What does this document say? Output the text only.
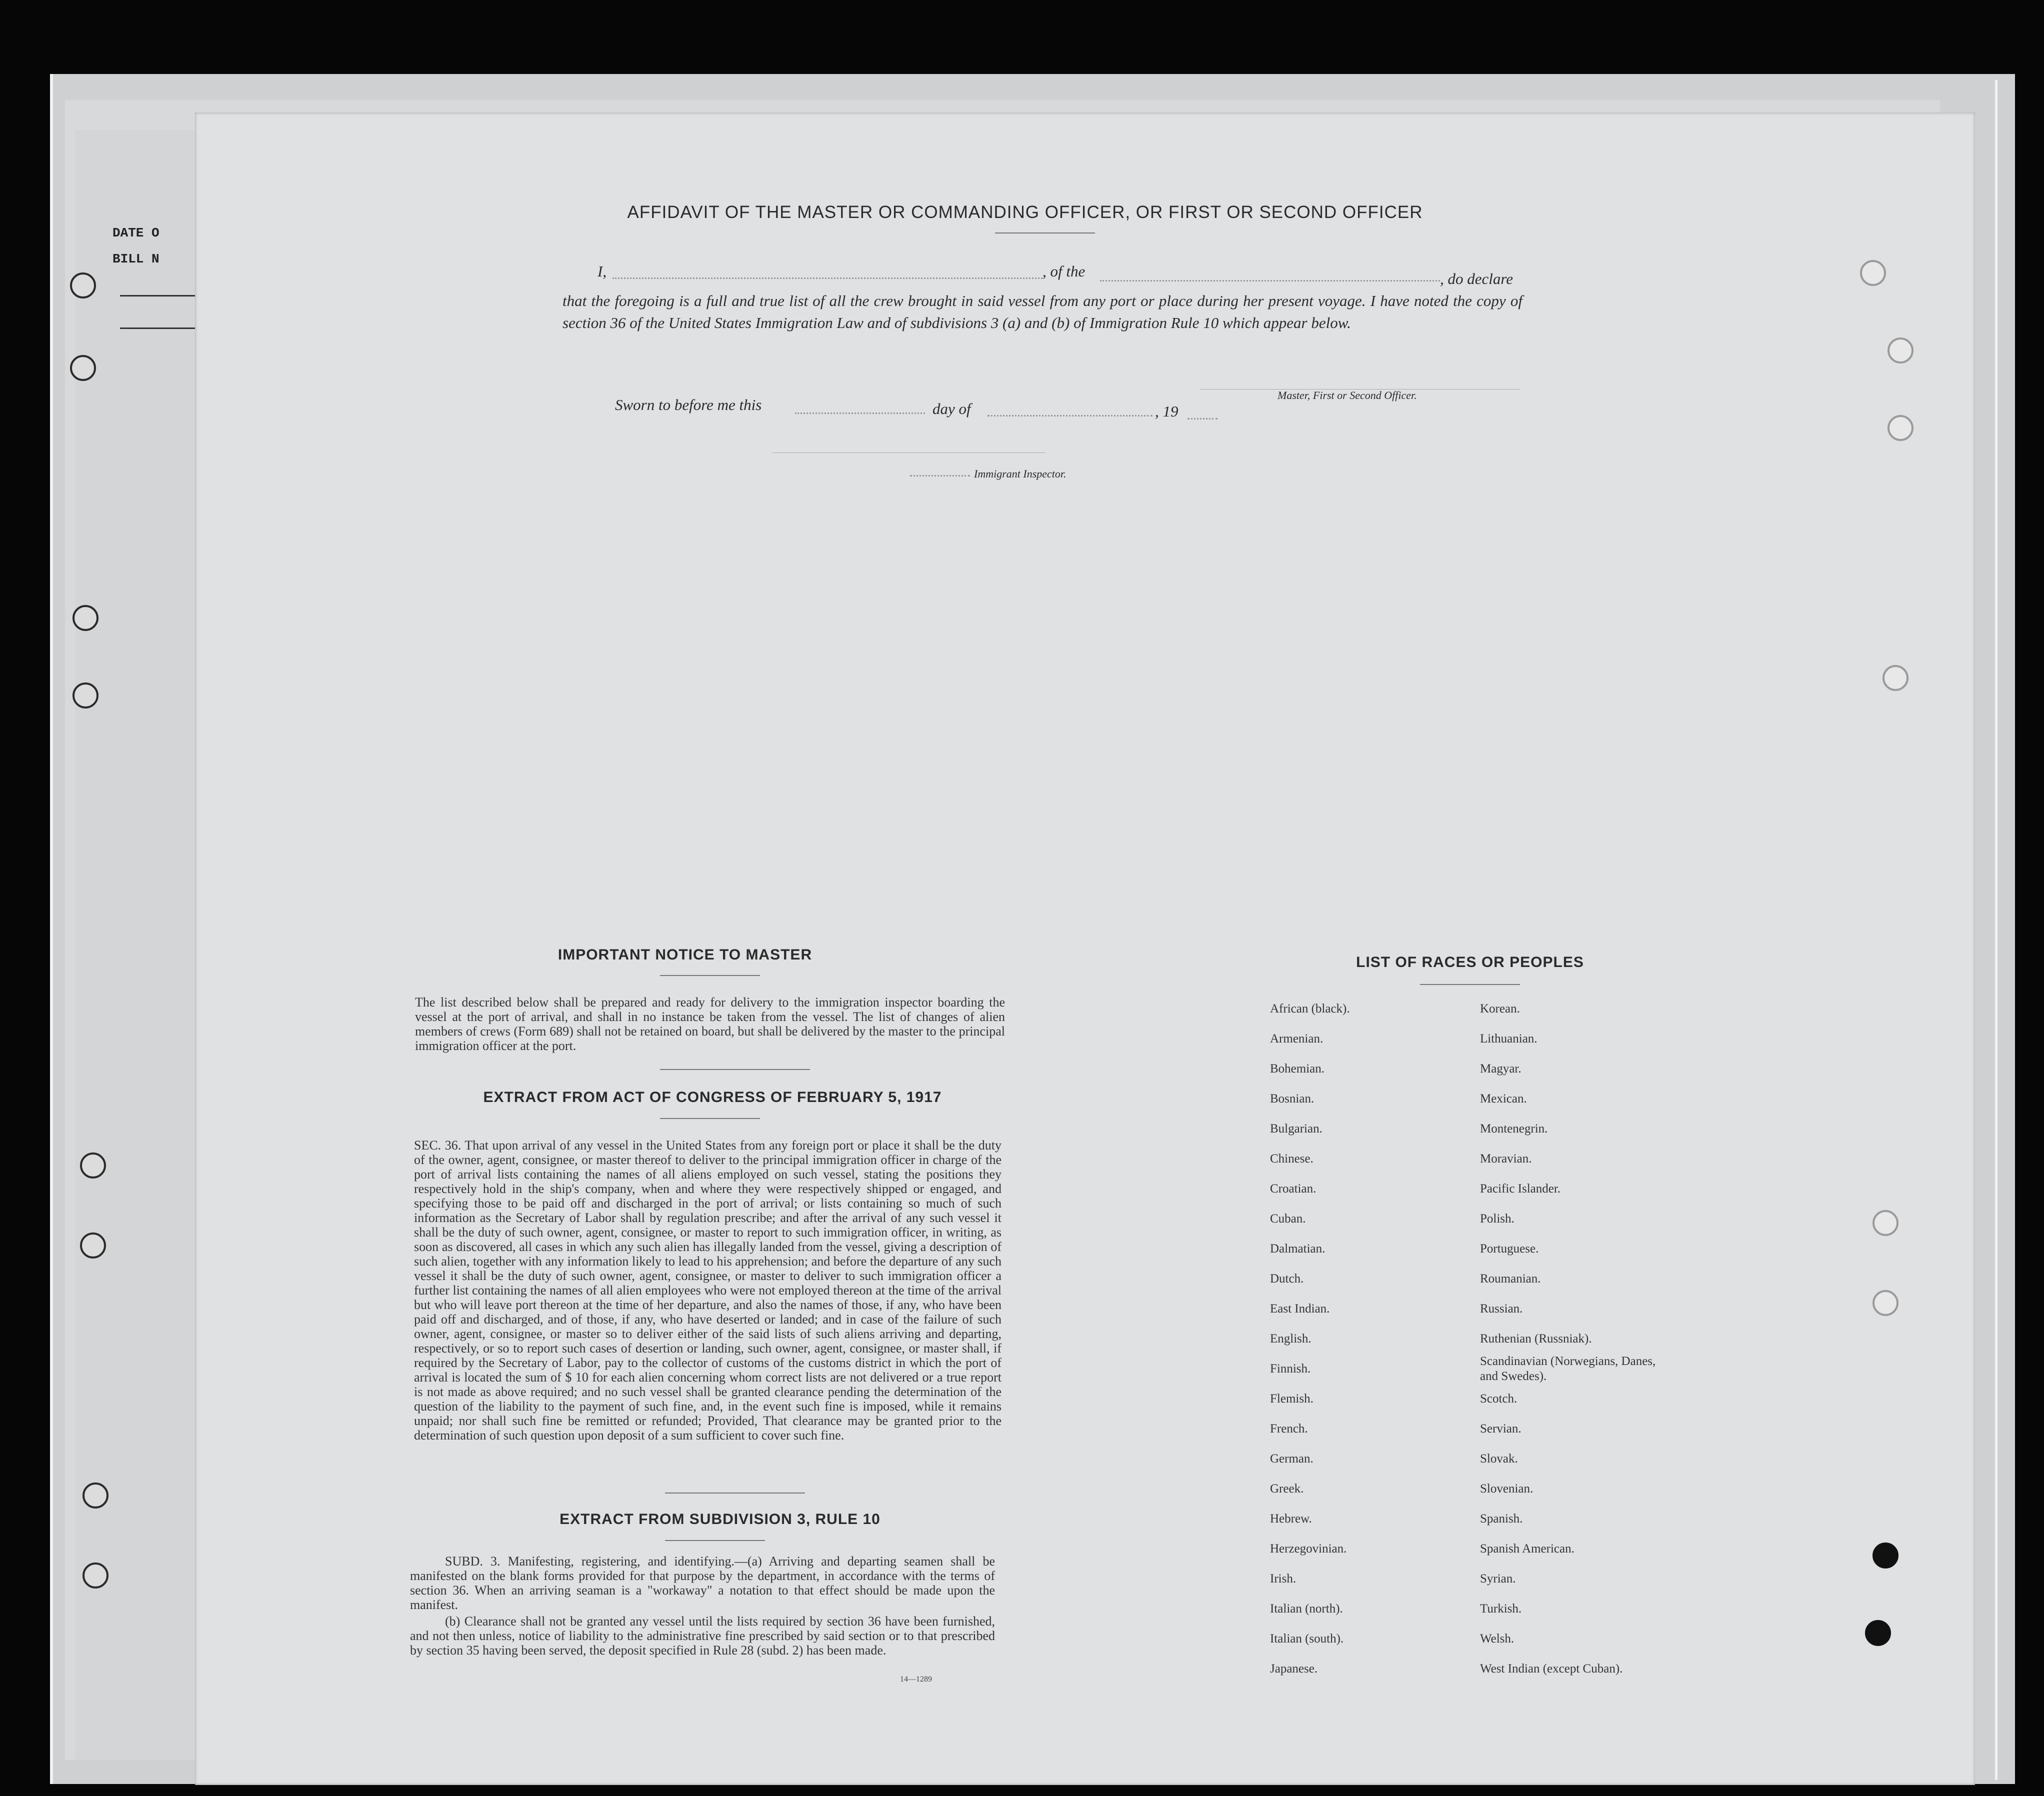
DATE O
BILL N
AFFIDAVIT OF THE MASTER OR COMMANDING OFFICER, OR FIRST OR SECOND OFFICER
I,	, of the	, do declare
that the foregoing is a full and true list of all the crew brought in said vessel from any port or place during her present voyage. I have noted the copy of section 36 of the United States Immigration Law and of subdivisions 3 (a) and (b) of Immigration Rule 10 which appear below.
Sworn to before me this	day of	, 19
Master, First or Second Officer.
Immigrant Inspector.
IMPORTANT NOTICE TO MASTER
The list described below shall be prepared and ready for delivery to the immigration inspector boarding the vessel at the port of arrival, and shall in no instance be taken from the vessel. The list of changes of alien members of crews (Form 689) shall not be retained on board, but shall be delivered by the master to the principal immigration officer at the port.
EXTRACT FROM ACT OF CONGRESS OF FEBRUARY 5, 1917
SEC. 36. That upon arrival of any vessel in the United States from any foreign port or place it shall be the duty of the owner, agent, consignee, or master thereof to deliver to the principal immigration officer in charge of the port of arrival lists containing the names of all aliens employed on such vessel, stating the positions they respectively hold in the ship's company, when and where they were respectively shipped or engaged, and specifying those to be paid off and discharged in the port of arrival; or lists containing so much of such information as the Secretary of Labor shall by regulation prescribe; and after the arrival of any such vessel it shall be the duty of such owner, agent, consignee, or master to report to such immigration officer, in writing, as soon as discovered, all cases in which any such alien has illegally landed from the vessel, giving a description of such alien, together with any information likely to lead to his apprehension; and before the departure of any such vessel it shall be the duty of such owner, agent, consignee, or master to deliver to such immigration officer a further list containing the names of all alien employees who were not employed thereon at the time of the arrival but who will leave port thereon at the time of her departure, and also the names of those, if any, who have been paid off and discharged, and of those, if any, who have deserted or landed; and in case of the failure of such owner, agent, consignee, or master so to deliver either of the said lists of such aliens arriving and departing, respectively, or so to report such cases of desertion or landing, such owner, agent, consignee, or master shall, if required by the Secretary of Labor, pay to the collector of customs of the customs district in which the port of arrival is located the sum of $ 10 for each alien concerning whom correct lists are not delivered or a true report is not made as above required; and no such vessel shall be granted clearance pending the determination of the question of the liability to the payment of such fine, and, in the event such fine is imposed, while it remains unpaid; nor shall such fine be remitted or refunded; Provided, That clearance may be granted prior to the determination of such question upon deposit of a sum sufficient to cover such fine.
EXTRACT FROM SUBDIVISION 3, RULE 10
SUBD. 3. Manifesting, registering, and identifying.—(a) Arriving and departing seamen shall be manifested on the blank forms provided for that purpose by the department, in accordance with the terms of section 36. When an arriving seaman is a "workaway" a notation to that effect should be made upon the manifest.
(b) Clearance shall not be granted any vessel until the lists required by section 36 have been furnished, and not then unless, notice of liability to the administrative fine prescribed by said section or to that prescribed by section 35 having been served, the deposit specified in Rule 28 (subd. 2) has been made.
14—1289
LIST OF RACES OR PEOPLES
African (black).
Armenian.
Bohemian.
Bosnian.
Bulgarian.
Chinese.
Croatian.
Cuban.
Dalmatian.
Dutch.
East Indian.
English.
Finnish.
Flemish.
French.
German.
Greek.
Hebrew.
Herzegovinian.
Irish.
Italian (north).
Italian (south).
Japanese.
Korean.
Lithuanian.
Magyar.
Mexican.
Montenegrin.
Moravian.
Pacific Islander.
Polish.
Portuguese.
Roumanian.
Russian.
Ruthenian (Russniak).
Scandinavian (Norwegians, Danes, and Swedes).
Scotch.
Servian.
Slovak.
Slovenian.
Spanish.
Spanish American.
Syrian.
Turkish.
Welsh.
West Indian (except Cuban).
